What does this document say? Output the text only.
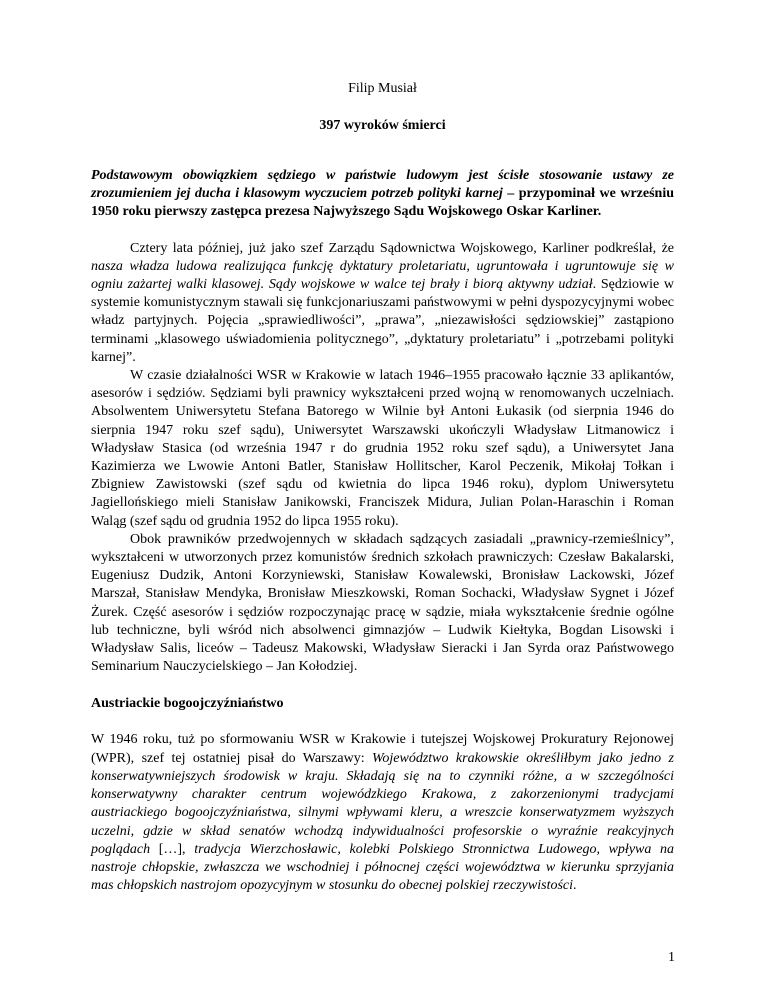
Filip Musiał
397 wyroków śmierci

Podstawowym obowiązkiem sędziego w państwie ludowym jest ścisłe stosowanie ustawy ze zrozumieniem jej ducha i klasowym wyczuciem potrzeb polityki karnej – przypominał we wrześniu 1950 roku pierwszy zastępca prezesa Najwyższego Sądu Wojskowego Oskar Karliner.

Cztery lata później, już jako szef Zarządu Sądownictwa Wojskowego, Karliner podkreślał, że nasza władza ludowa realizująca funkcję dyktatury proletariatu, ugruntowała i ugruntowuje się w ogniu zażartej walki klasowej. Sądy wojskowe w walce tej brały i biorą aktywny udział. Sędziowie w systemie komunistycznym stawali się funkcjonariuszami państwowymi w pełni dyspozycyjnymi wobec władz partyjnych. Pojęcia „sprawiedliwości”, „prawa”, „niezawisłości sędziowskiej” zastąpiono terminami „klasowego uświadomienia politycznego”, „dyktatury proletariatu” i „potrzebami polityki karnej”.

W czasie działalności WSR w Krakowie w latach 1946–1955 pracowało łącznie 33 aplikantów, asesorów i sędziów. Sędziami byli prawnicy wykształceni przed wojną w renomowanych uczelniach. Absolwentem Uniwersytetu Stefana Batorego w Wilnie był Antoni Łukasik (od sierpnia 1946 do sierpnia 1947 roku szef sądu), Uniwersytet Warszawski ukończyli Władysław Litmanowicz i Władysław Stasica (od września 1947 r do grudnia 1952 roku szef sądu), a Uniwersytet Jana Kazimierza we Lwowie Antoni Batler, Stanisław Hollitscher, Karol Peczenik, Mikołaj Tołkan i Zbigniew Zawistowski (szef sądu od kwietnia do lipca 1946 roku), dyplom Uniwersytetu Jagiellońskiego mieli Stanisław Janikowski, Franciszek Midura, Julian Polan-Haraschin i Roman Waląg (szef sądu od grudnia 1952 do lipca 1955 roku).

Obok prawników przedwojennych w składach sądzących zasiadali „prawnicy-rzemieślnicy”, wykształceni w utworzonych przez komunistów średnich szkołach prawniczych: Czesław Bakalarski, Eugeniusz Dudzik, Antoni Korzyniewski, Stanisław Kowalewski, Bronisław Lackowski, Józef Marszał, Stanisław Mendyka, Bronisław Mieszkowski, Roman Sochacki, Władysław Sygnet i Józef Żurek. Część asesorów i sędziów rozpoczynając pracę w sądzie, miała wykształcenie średnie ogólne lub techniczne, byli wśród nich absolwenci gimnazjów – Ludwik Kiełtyka, Bogdan Lisowski i Władysław Salis, liceów – Tadeusz Makowski, Władysław Sieracki i Jan Syrda oraz Państwowego Seminarium Nauczycielskiego – Jan Kołodziej.

Austriackie bogoojczyźniaństwo

W 1946 roku, tuż po sformowaniu WSR w Krakowie i tutejszej Wojskowej Prokuratury Rejonowej (WPR), szef tej ostatniej pisał do Warszawy: Województwo krakowskie określiłbym jako jedno z konserwatywniejszych środowisk w kraju. Składają się na to czynniki różne, a w szczególności konserwatywny charakter centrum wojewódzkiego Krakowa, z zakorzenionymi tradycjami austriackiego bogoojczyźniaństwa, silnymi wpływami kleru, a wreszcie konserwatyzmem wyższych uczelni, gdzie w skład senatów wchodzą indywidualności profesorskie o wyraźnie reakcyjnych poglądach […], tradycja Wierzchosławic, kolebki Polskiego Stronnictwa Ludowego, wpływa na nastroje chłopskie, zwłaszcza we wschodniej i północnej części województwa w kierunku sprzyjania mas chłopskich nastrojom opozycyjnym w stosunku do obecnej polskiej rzeczywistości.

1
